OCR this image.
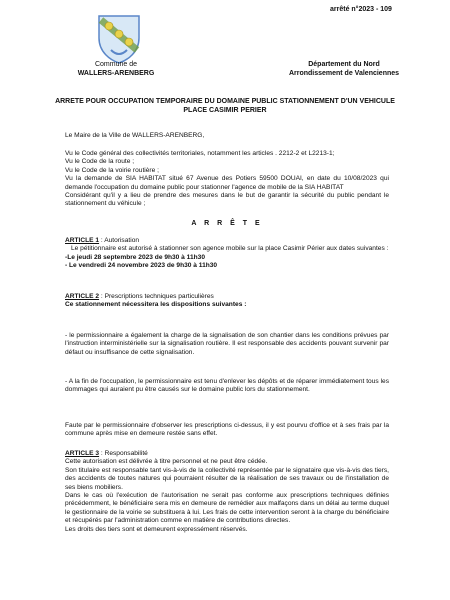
arrêté n°2023 - 109
Commune de
WALLERS-ARENBERG
Département du Nord
Arrondissement de Valenciennes
ARRETE POUR OCCUPATION TEMPORAIRE DU DOMAINE PUBLIC STATIONNEMENT D'UN VEHICULE
PLACE CASIMIR PERIER
Le Maire de la Ville de WALLERS-ARENBERG,
Vu le Code général des collectivités territoriales, notamment les articles . 2212-2 et L2213-1;
Vu le Code de la route ;
Vu le Code de la voirie routière ;
Vu la demande de SIA HABITAT situé 67 Avenue des Potiers 59500 DOUAI, en date du 10/08/2023 qui demande l'occupation du domaine public pour stationner l'agence de mobile de la SIA HABITAT
Considérant qu'il y a lieu de prendre des mesures dans le but de garantir la sécurité du public pendant le stationnement du véhicule ;
A R R Ê T E
ARTICLE 1 : Autorisation
Le pétitionnaire est autorisé à stationner son agence mobile sur la place Casimir Périer aux dates suivantes :
-Le jeudi 28 septembre 2023 de 9h30 à 11h30
- Le vendredi 24 novembre 2023 de 9h30 à 11h30
ARTICLE 2 : Prescriptions techniques particulières
Ce stationnement nécessitera les dispositions suivantes :
- le permissionnaire a également la charge de la signalisation de son chantier dans les conditions prévues par l'instruction interministérielle sur la signalisation routière. Il est responsable des accidents pouvant survenir par défaut ou insuffisance de cette signalisation.
- A la fin de l'occupation, le permissionnaire est tenu d'enlever les dépôts et de réparer immédiatement tous les dommages qui auraient pu être causés sur le domaine public lors du stationnement.
Faute par le permissionnaire d'observer les prescriptions ci-dessus, il y est pourvu d'office et à ses frais par la commune après mise en demeure restée sans effet.
ARTICLE 3 : Responsabilité
Cette autorisation est délivrée à titre personnel et ne peut être cédée.
Son titulaire est responsable tant vis-à-vis de la collectivité représentée par le signataire que vis-à-vis des tiers, des accidents de toutes natures qui pourraient résulter de la réalisation de ses travaux ou de l'installation de ses biens mobiliers.
Dans le cas où l'exécution de l'autorisation ne serait pas conforme aux prescriptions techniques définies précédemment, le bénéficiaire sera mis en demeure de remédier aux malfaçons dans un délai au terme duquel le gestionnaire de la voirie se substituera à lui. Les frais de cette intervention seront à la charge du bénéficiaire et récupérés par l'administration comme en matière de contributions directes.
Les droits des tiers sont et demeurent expressément réservés.
